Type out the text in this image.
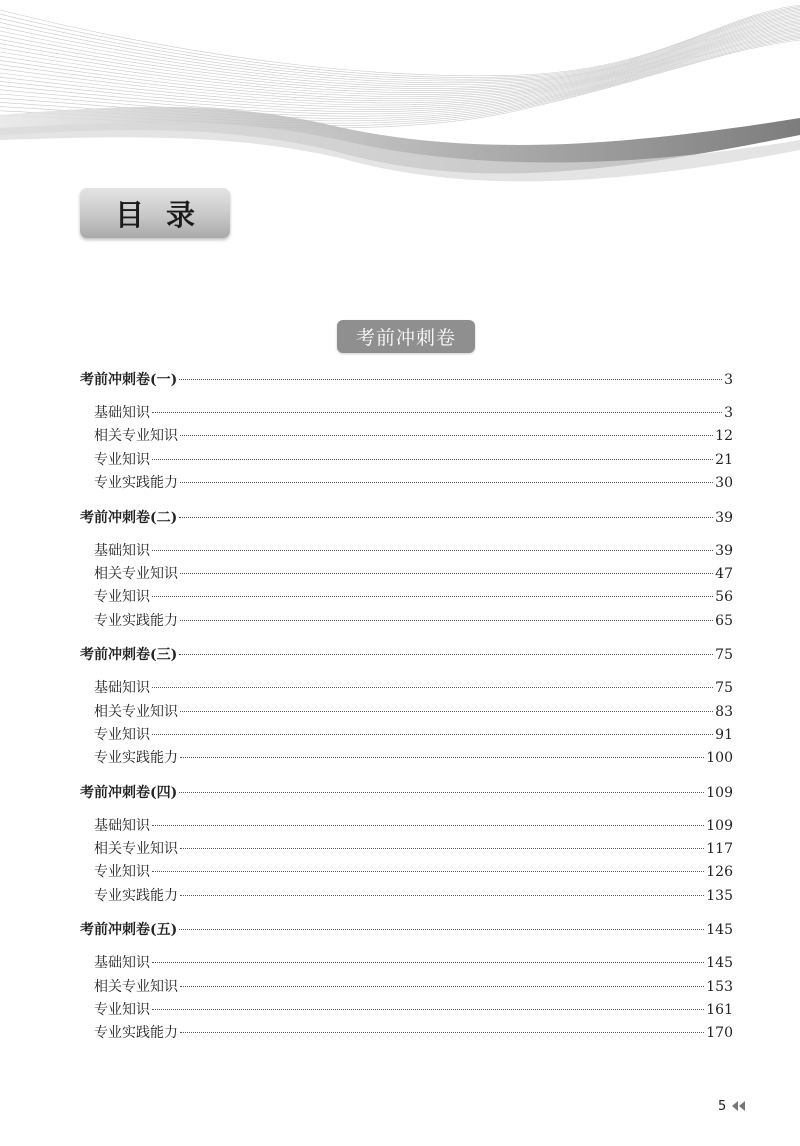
目录
考前冲刺卷
考前冲刺卷(一)	3
基础知识	3
相关专业知识	12
专业知识	21
专业实践能力	30
考前冲刺卷(二)	39
基础知识	39
相关专业知识	47
专业知识	56
专业实践能力	65
考前冲刺卷(三)	75
基础知识	75
相关专业知识	83
专业知识	91
专业实践能力	100
考前冲刺卷(四)	109
基础知识	109
相关专业知识	117
专业知识	126
专业实践能力	135
考前冲刺卷(五)	145
基础知识	145
相关专业知识	153
专业知识	161
专业实践能力	170
5
